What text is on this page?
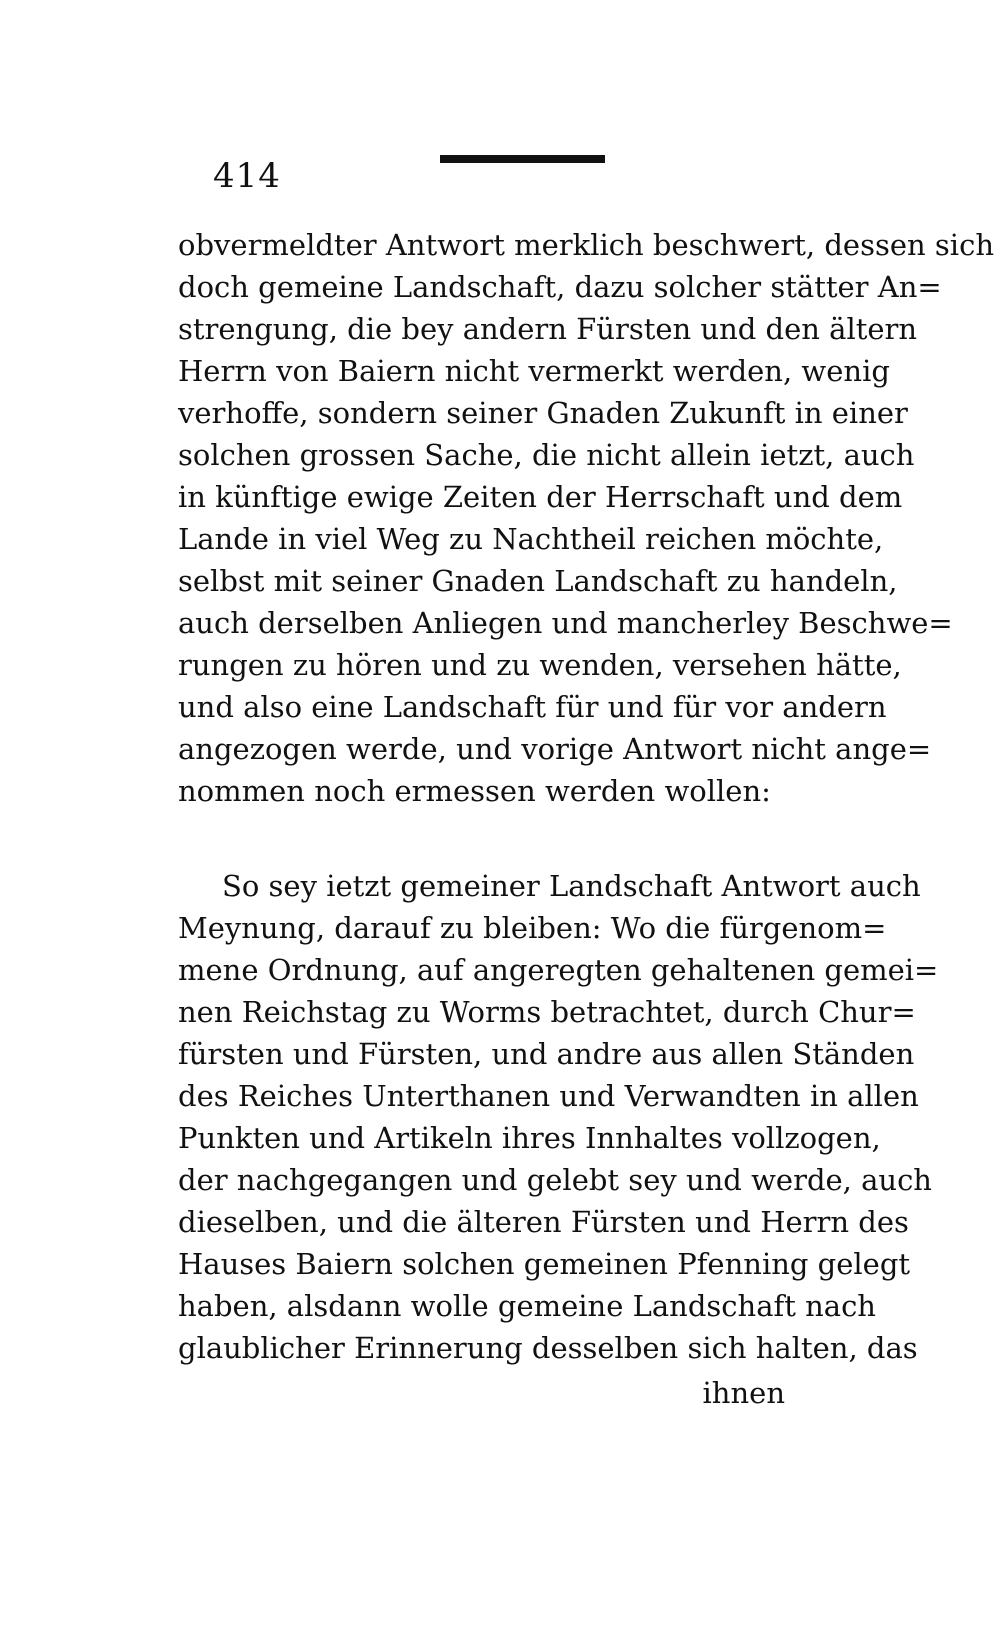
414
obvermeldter Antwort merklich beschwert, dessen sich
doch gemeine Landschaft, dazu solcher stätter An=
strengung, die bey andern Fürsten und den ältern
Herrn von Baiern nicht vermerkt werden, wenig
verhoffe, sondern seiner Gnaden Zukunft in einer
solchen grossen Sache, die nicht allein ietzt, auch
in künftige ewige Zeiten der Herrschaft und dem
Lande in viel Weg zu Nachtheil reichen möchte,
selbst mit seiner Gnaden Landschaft zu handeln,
auch derselben Anliegen und mancherley Beschwe=
rungen zu hören und zu wenden, versehen hätte,
und also eine Landschaft für und für vor andern
angezogen werde, und vorige Antwort nicht ange=
nommen noch ermessen werden wollen:
So sey ietzt gemeiner Landschaft Antwort auch
Meynung, darauf zu bleiben: Wo die fürgenom=
mene Ordnung, auf angeregten gehaltenen gemei=
nen Reichstag zu Worms betrachtet, durch Chur=
fürsten und Fürsten, und andre aus allen Ständen
des Reiches Unterthanen und Verwandten in allen
Punkten und Artikeln ihres Innhaltes vollzogen,
der nachgegangen und gelebt sey und werde, auch
dieselben, und die älteren Fürsten und Herrn des
Hauses Baiern solchen gemeinen Pfenning gelegt
haben, alsdann wolle gemeine Landschaft nach
glaublicher Erinnerung desselben sich halten, das
ihnen
